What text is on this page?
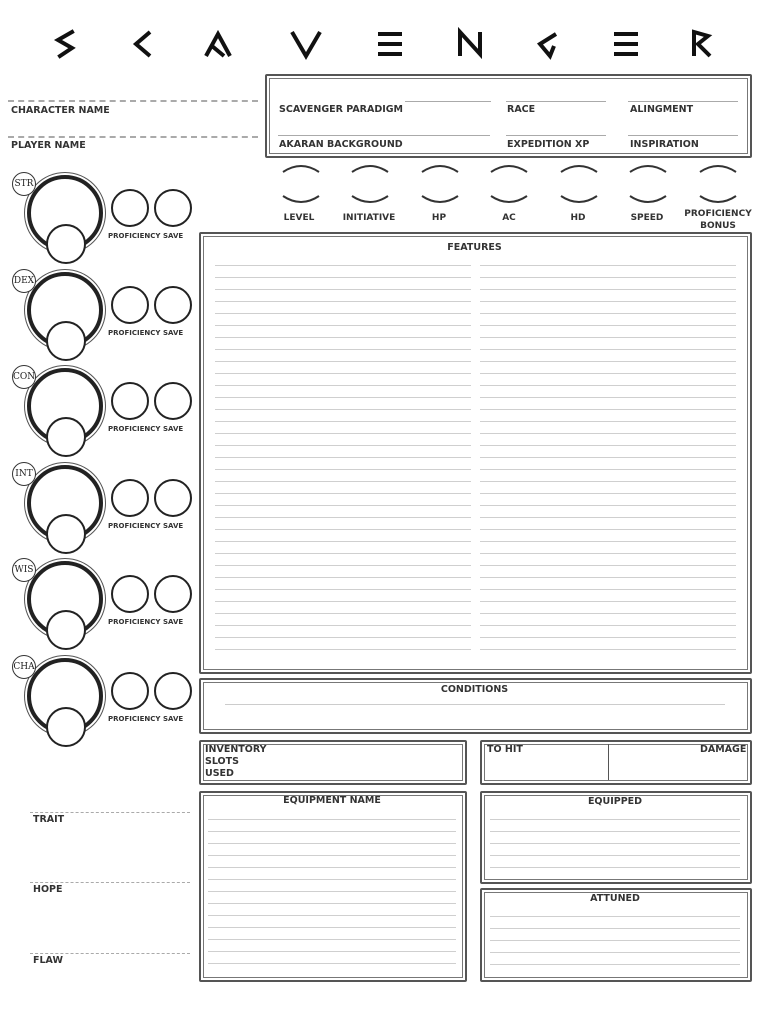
CHARACTER NAME
PLAYER NAME
SCAVENGER PARADIGM	RACE	ALINGMENT
AKARAN BACKGROUND	EXPEDITION XP	INSPIRATION
LEVEL	INITIATIVE	HP	AC	HD	SPEED	PROFICIENCY BONUS
STR
PROFICIENCY SAVE
DEX
PROFICIENCY SAVE
CON
PROFICIENCY SAVE
INT
PROFICIENCY SAVE
WIS
PROFICIENCY SAVE
CHA
PROFICIENCY SAVE
FEATURES
CONDITIONS
INVENTORY
SLOTS
USED
TO HIT	DAMAGE
EQUIPMENT NAME	EQUIPPED
ATTUNED
TRAIT
HOPE
FLAW
